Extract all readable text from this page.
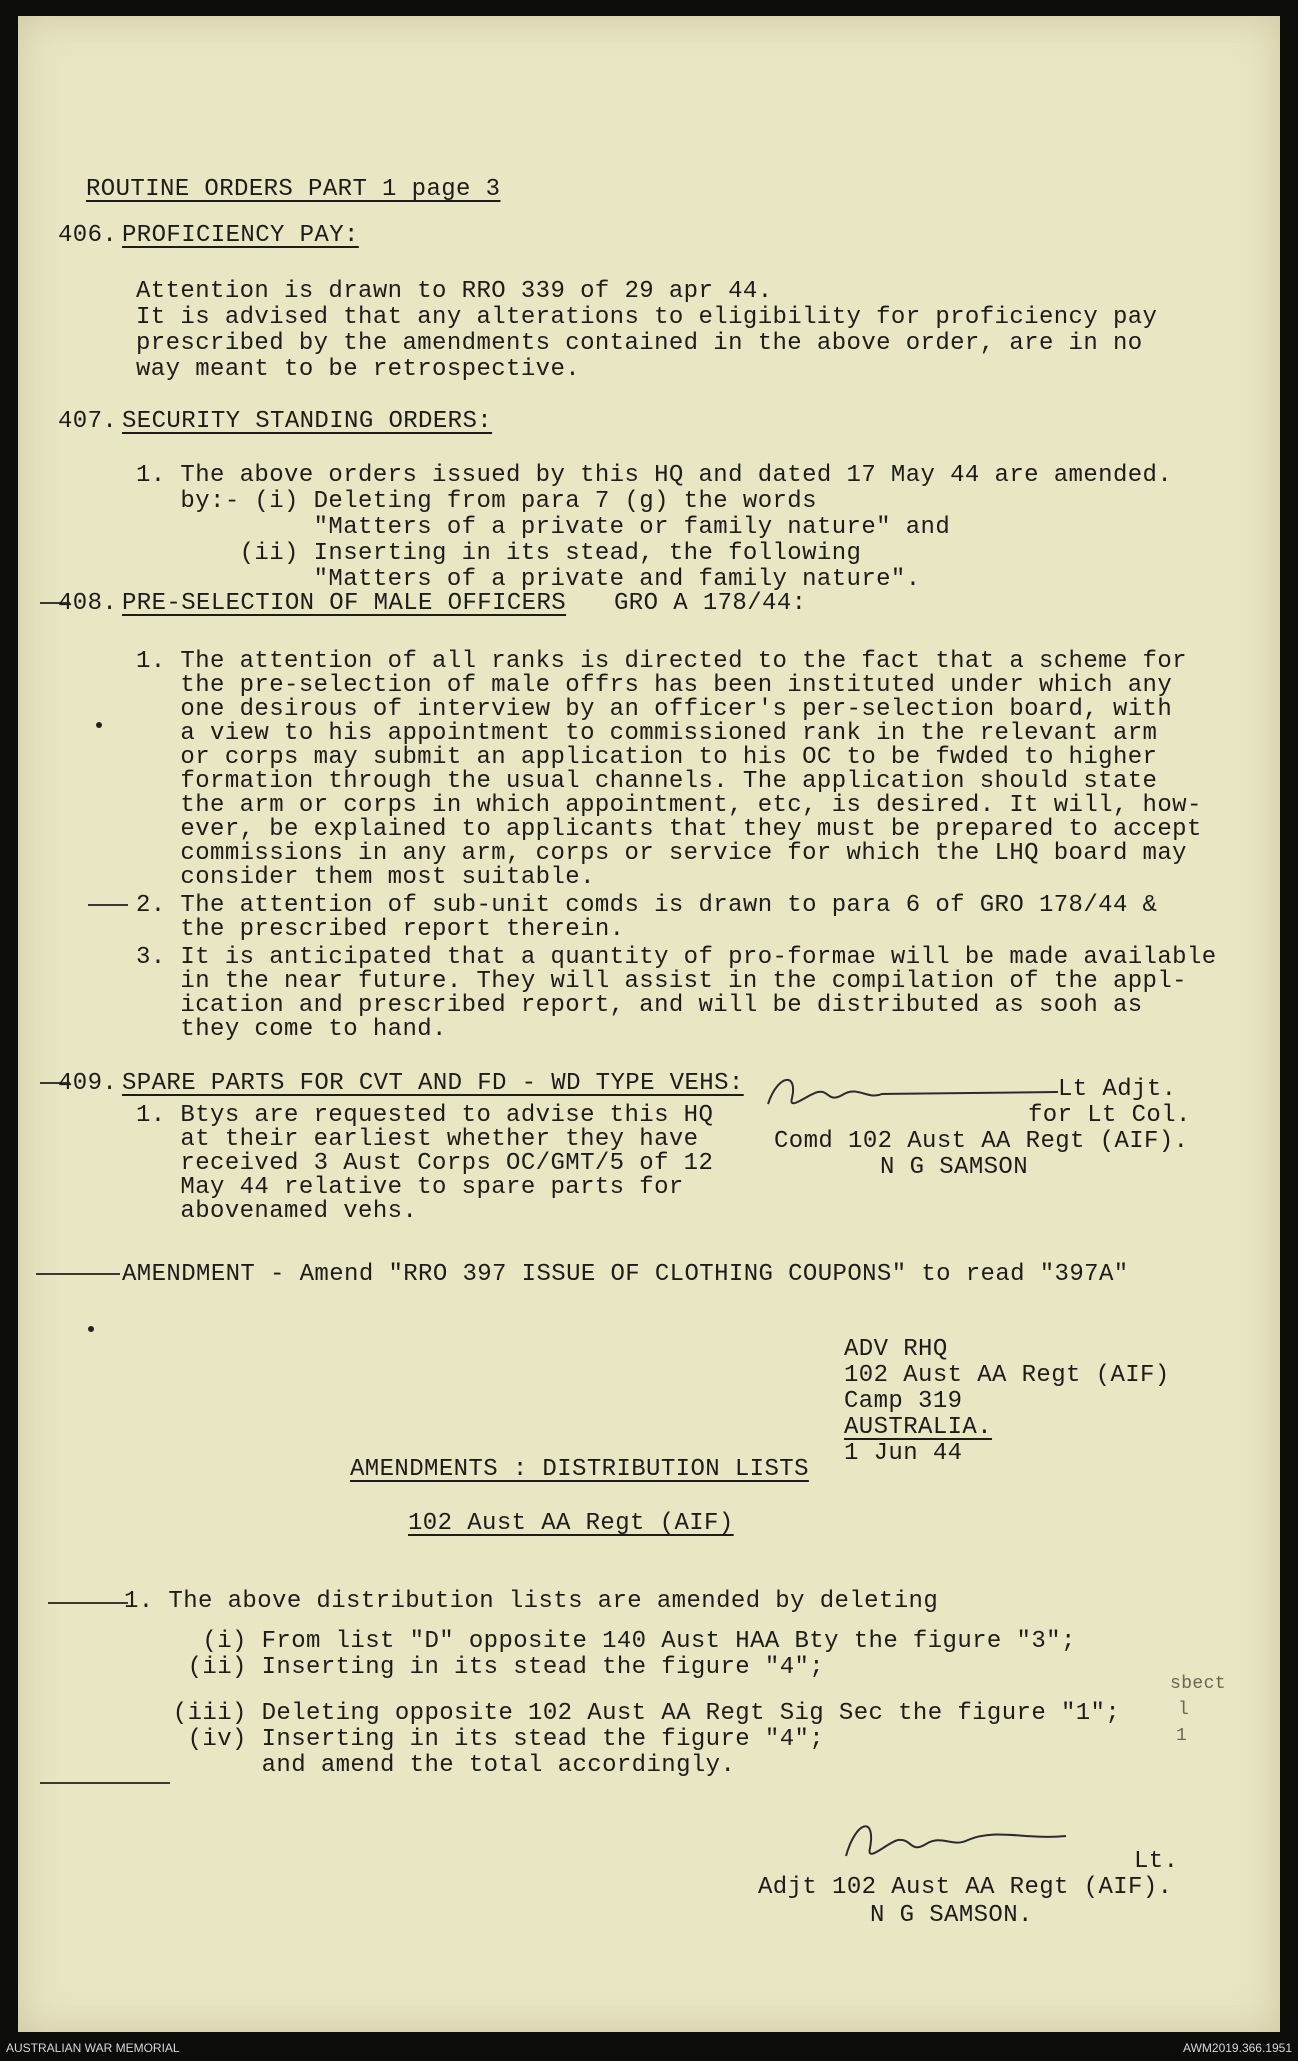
ROUTINE ORDERS PART 1 page 3
406. PROFICIENCY PAY:
Attention is drawn to RRO 339 of 29 apr 44.
It is advised that any alterations to eligibility for proficiency pay
prescribed by the amendments contained in the above order, are in no
way meant to be retrospective.
407. SECURITY STANDING ORDERS:
1. The above orders issued by this HQ and dated 17 May 44 are amended.
by:- (i) Deleting from para 7 (g) the words
"Matters of a private or family nature" and
(ii) Inserting in its stead, the following
"Matters of a private and family nature".
408. PRE-SELECTION OF MALE OFFICERS GRO A 178/44:
1. The attention of all ranks is directed to the fact that a scheme for
the pre-selection of male offrs has been instituted under which any
one desirous of interview by an officer's per-selection board, with
a view to his appointment to commissioned rank in the relevant arm
or corps may submit an application to his OC to be fwded to higher
formation through the usual channels. The application should state
the arm or corps in which appointment, etc, is desired. It will, how-
ever, be explained to applicants that they must be prepared to accept
commissions in any arm, corps or service for which the LHQ board may
consider them most suitable.
2. The attention of sub-unit comds is drawn to para 6 of GRO 178/44 &
the prescribed report therein.
3. It is anticipated that a quantity of pro-formae will be made available
in the near future. They will assist in the compilation of the appl-
ication and prescribed report, and will be distributed as sooh as
they come to hand.
409. SPARE PARTS FOR CVT AND FD - WD TYPE VEHS:
1. Btys are requested to advise this HQ
at their earliest whether they have
received 3 Aust Corps OC/GMT/5 of 12
May 44 relative to spare parts for
abovenamed vehs.
Lt Adjt.
for Lt Col.
Comd 102 Aust AA Regt (AIF).
N G SAMSON
AMENDMENT - Amend "RRO 397 ISSUE OF CLOTHING COUPONS" to read "397A"
ADV RHQ
102 Aust AA Regt (AIF)
Camp 319
AUSTRALIA.
1 Jun 44
AMENDMENTS : DISTRIBUTION LISTS
102 Aust AA Regt (AIF)
1. The above distribution lists are amended by deleting
(i) From list "D" opposite 140 Aust HAA Bty the figure "3";
(ii) Inserting in its stead the figure "4";
(iii) Deleting opposite 102 Aust AA Regt Sig Sec the figure "1";
(iv) Inserting in its stead the figure "4";
and amend the total accordingly.
sbect
l
1
Lt.
Adjt 102 Aust AA Regt (AIF).
N G SAMSON.
AUSTRALIAN WAR MEMORIAL	AWM2019.366.1951
